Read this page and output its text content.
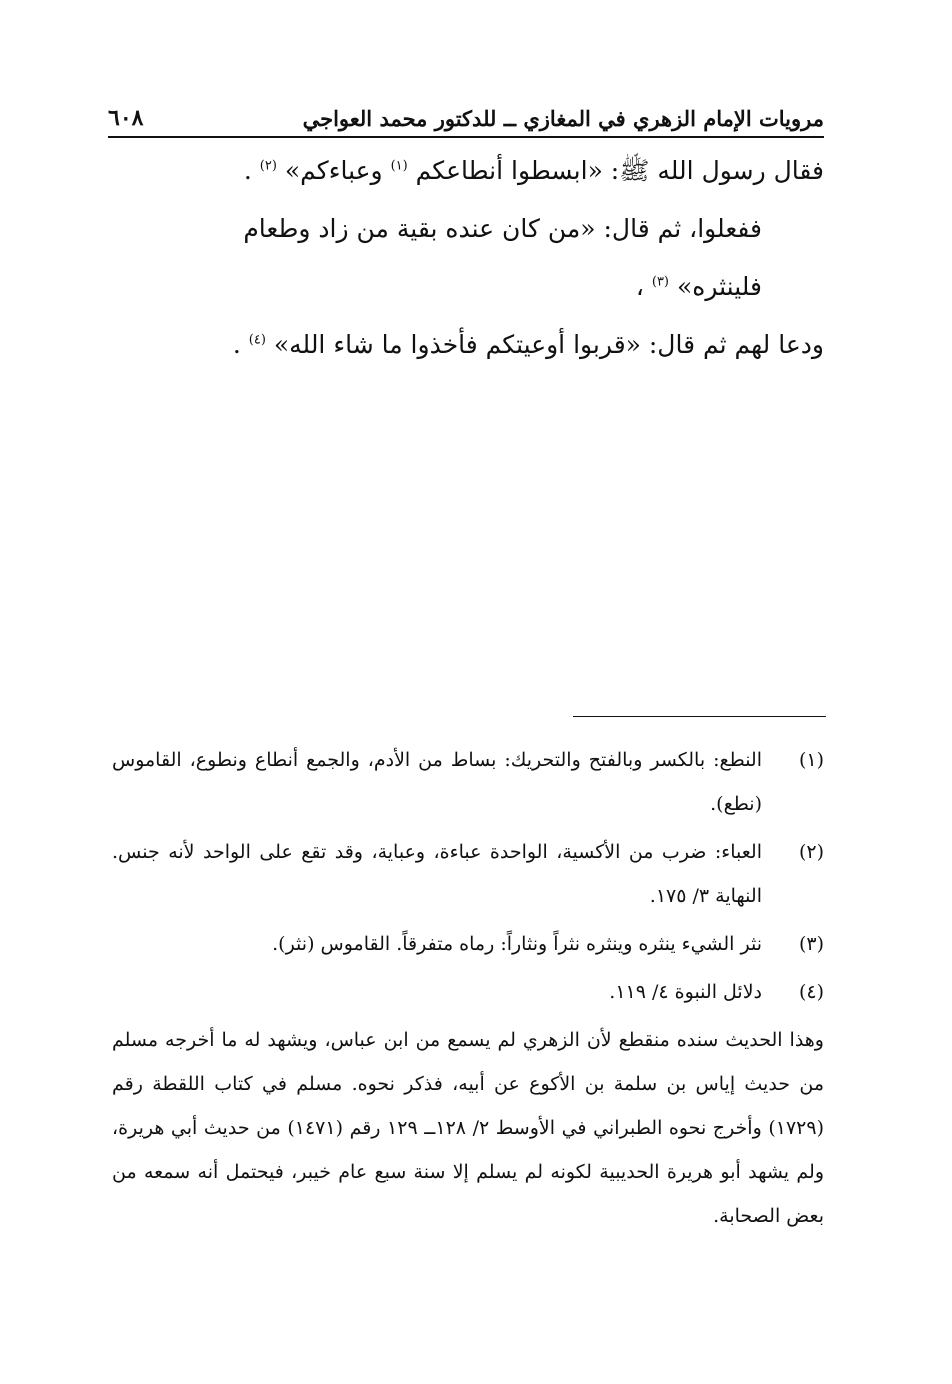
٦٠٨	مرويات الإمام الزهري في المغازي ــ للدكتور محمد العواجي

فقال رسول الله ﷺ: «ابسطوا أنطاعكم $^{(١)}$ وعباءكم» $^{(٢)}$ .

ففعلوا، ثم قال: «من كان عنده بقية من زاد وطعام فلينثره» $^{(٣)}$ ،

ودعا لهم ثم قال: «قربوا أوعيتكم فأخذوا ما شاء الله» $^{(٤)}$ .

(١)
النطع: بالكسر وبالفتح والتحريك: بساط من الأدم، والجمع أنطاع ونطوع، القاموس (نطع).
(٢)
العباء: ضرب من الأكسية، الواحدة عباءة، وعباية، وقد تقع على الواحد لأنه جنس. النهاية ٣/ ١٧٥.
(٣)
نثر الشيء ينثره وينثره نثراً ونثاراً: رماه متفرقاً. القاموس (نثر).
(٤)
دلائل النبوة ٤/ ١١٩.
وهذا الحديث سنده منقطع لأن الزهري لم يسمع من ابن عباس، ويشهد له ما أخرجه مسلم من حديث إياس بن سلمة بن الأكوع عن أبيه، فذكر نحوه. مسلم في كتاب اللقطة رقم (١٧٢٩) وأخرج نحوه الطبراني في الأوسط ٢/ ١٢٨ــ ١٢٩ رقم (١٤٧١) من حديث أبي هريرة، ولم يشهد أبو هريرة الحديبية لكونه لم يسلم إلا سنة سبع عام خيبر، فيحتمل أنه سمعه من بعض الصحابة.
